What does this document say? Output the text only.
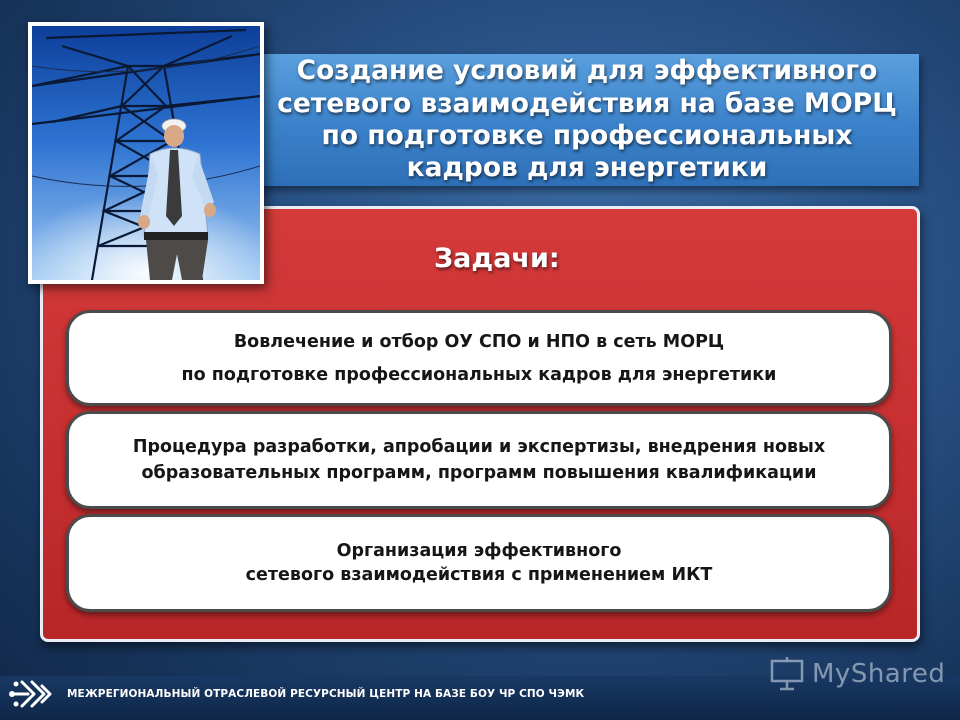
Создание условий для эффективного сетевого взаимодействия на базе МОРЦ по подготовке профессиональных кадров для энергетики
Задачи:
Вовлечение и отбор ОУ СПО и НПО в сеть МОРЦ
по подготовке профессиональных кадров для энергетики
Процедура разработки, апробации и экспертизы, внедрения новых
образовательных программ, программ повышения квалификации
Организация эффективного
сетевого взаимодействия с применением ИКТ
MyShared
МЕЖРЕГИОНАЛЬНЫЙ ОТРАСЛЕВОЙ РЕСУРСНЫЙ ЦЕНТР НА БАЗЕ БОУ ЧР СПО ЧЭМК
